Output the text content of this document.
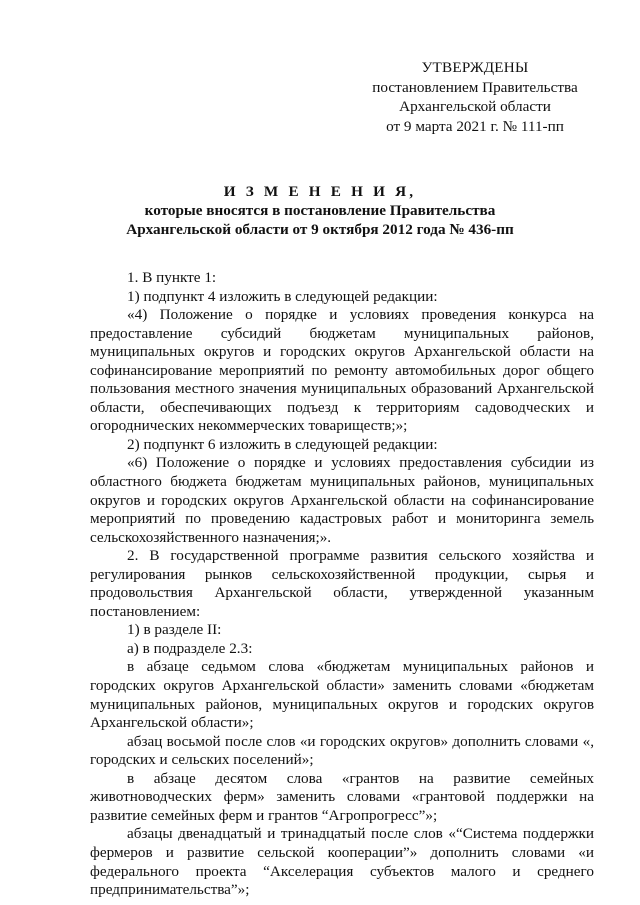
УТВЕРЖДЕНЫ
постановлением Правительства
Архангельской области
от 9 марта 2021 г. № 111-пп
И З М Е Н Е Н И Я,
которые вносятся в постановление Правительства
Архангельской области от 9 октября 2012 года № 436-пп

1. В пункте 1:

1) подпункт 4 изложить в следующей редакции:

«4) Положение о порядке и условиях проведения конкурса на предоставление субсидий бюджетам муниципальных районов, муниципальных округов и городских округов Архангельской области на софинансирование мероприятий по ремонту автомобильных дорог общего пользования местного значения муниципальных образований Архангельской области, обеспечивающих подъезд к территориям садоводческих и огороднических некоммерческих товариществ;»;

2) подпункт 6 изложить в следующей редакции:

«6) Положение о порядке и условиях предоставления субсидии из областного бюджета бюджетам муниципальных районов, муниципальных округов и городских округов Архангельской области на софинансирование мероприятий по проведению кадастровых работ и мониторинга земель сельскохозяйственного назначения;».

2. В государственной программе развития сельского хозяйства и регулирования рынков сельскохозяйственной продукции, сырья и продовольствия Архангельской области, утвержденной указанным постановлением:

1) в разделе II:

а) в подразделе 2.3:

в абзаце седьмом слова «бюджетам муниципальных районов и городских округов Архангельской области» заменить словами «бюджетам муниципальных районов, муниципальных округов и городских округов Архангельской области»;

абзац восьмой после слов «и городских округов» дополнить словами «, городских и сельских поселений»;

в абзаце десятом слова «грантов на развитие семейных животноводческих ферм» заменить словами «грантовой поддержки на развитие семейных ферм и грантов “Агропрогресс”»;

абзацы двенадцатый и тринадцатый после слов «“Система поддержки фермеров и развитие сельской кооперации”» дополнить словами «и федерального проекта “Акселерация субъектов малого и среднего предпринимательства”»;
